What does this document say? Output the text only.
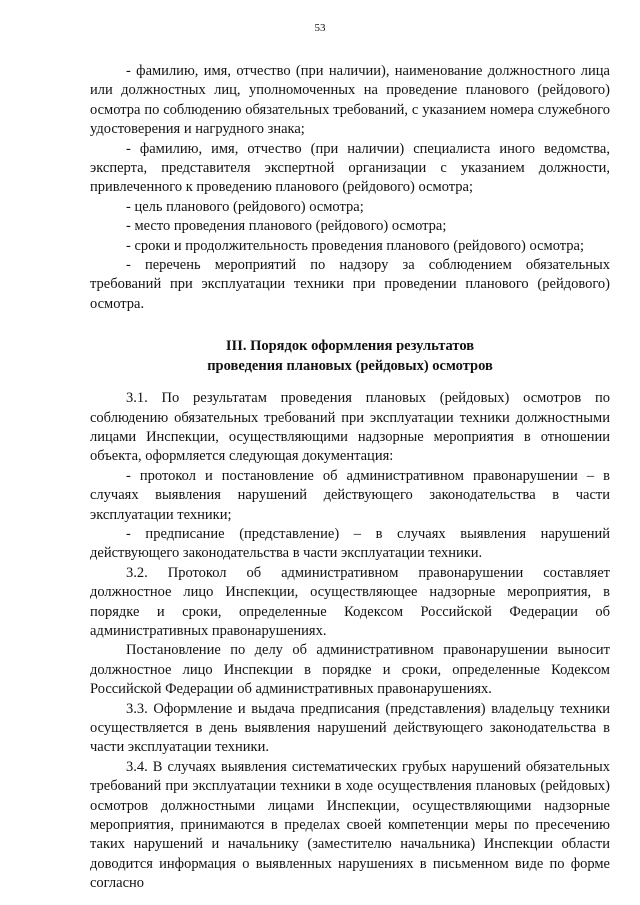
53

- фамилию, имя, отчество (при наличии), наименование должностного лица или должностных лиц, уполномоченных на проведение планового (рейдового) осмотра по соблюдению обязательных требований, с указанием номера служебного удостоверения и нагрудного знака;

- фамилию, имя, отчество (при наличии) специалиста иного ведомства, эксперта, представителя экспертной организации с указанием должности, привлеченного к проведению планового (рейдового) осмотра;

- цель планового (рейдового) осмотра;

- место проведения планового (рейдового) осмотра;

- сроки и продолжительность проведения планового (рейдового) осмотра;

- перечень мероприятий по надзору за соблюдением обязательных требований при эксплуатации техники при проведении планового (рейдового) осмотра.

III. Порядок оформления результатов
проведения плановых (рейдовых) осмотров

3.1. По результатам проведения плановых (рейдовых) осмотров по соблюдению обязательных требований при эксплуатации техники должностными лицами Инспекции, осуществляющими надзорные мероприятия в отношении объекта, оформляется следующая документация:

- протокол и постановление об административном правонарушении – в случаях выявления нарушений действующего законодательства в части эксплуатации техники;

- предписание (представление) – в случаях выявления нарушений действующего законодательства в части эксплуатации техники.

3.2. Протокол об административном правонарушении составляет должностное лицо Инспекции, осуществляющее надзорные мероприятия, в порядке и сроки, определенные Кодексом Российской Федерации об административных правонарушениях.

Постановление по делу об административном правонарушении выносит должностное лицо Инспекции в порядке и сроки, определенные Кодексом Российской Федерации об административных правонарушениях.

3.3. Оформление и выдача предписания (представления) владельцу техники осуществляется в день выявления нарушений действующего законодательства в части эксплуатации техники.

3.4. В случаях выявления систематических грубых нарушений обязательных требований при эксплуатации техники в ходе осуществления плановых (рейдовых) осмотров должностными лицами Инспекции, осуществляющими надзорные мероприятия, принимаются в пределах своей компетенции меры по пресечению таких нарушений и начальнику (заместителю начальника) Инспекции области доводится информация о выявленных нарушениях в письменном виде по форме согласно
